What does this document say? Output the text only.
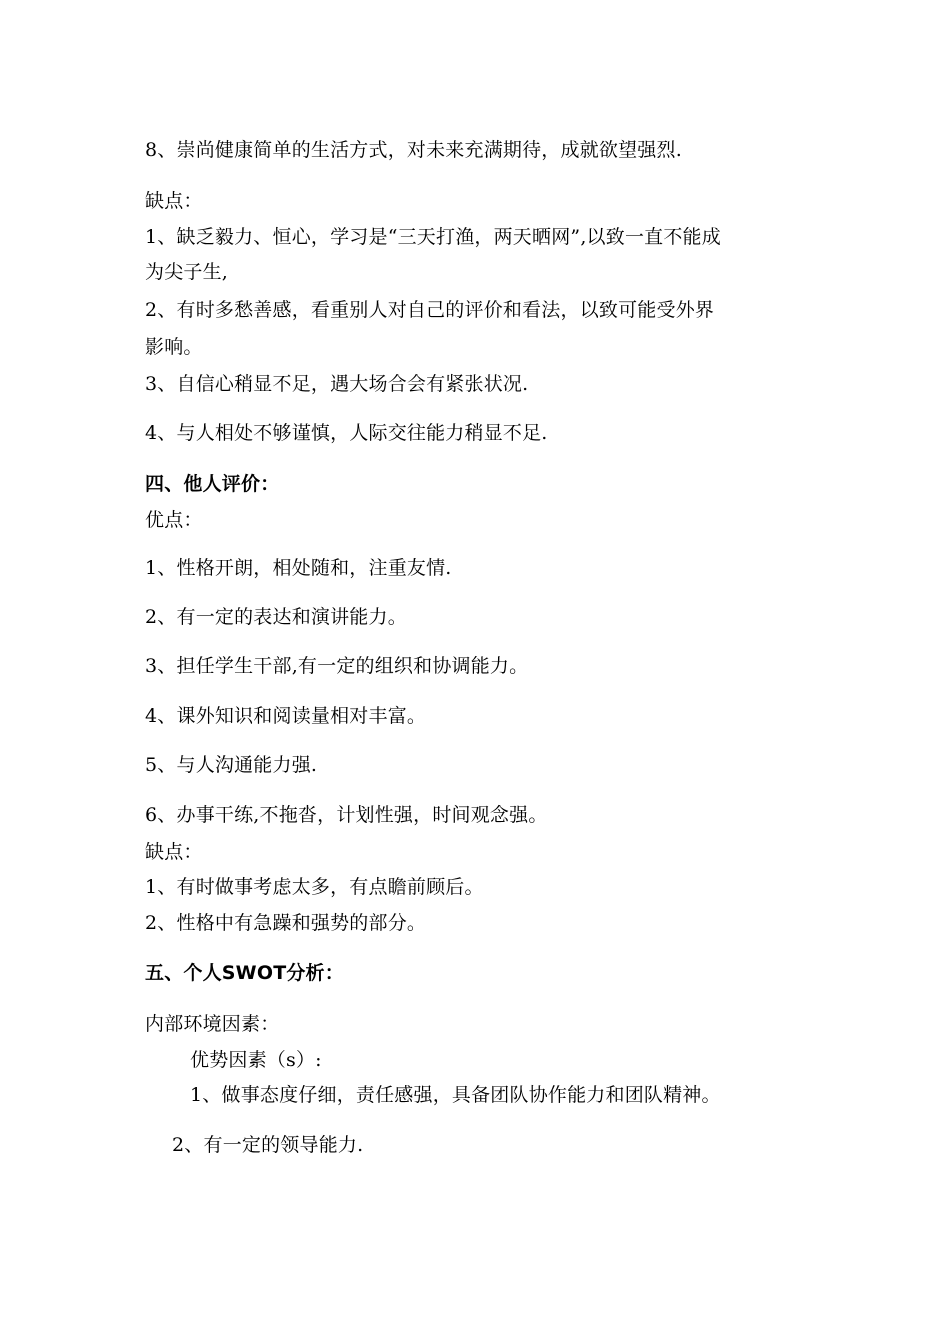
8、崇尚健康简单的生活方式，对未来充满期待，成就欲望强烈.
缺点：
1、缺乏毅力、恒心，学习是“三天打渔，两天晒网”,以致一直不能成
为尖子生,
2、有时多愁善感，看重别人对自己的评价和看法，以致可能受外界
影响。
3、自信心稍显不足，遇大场合会有紧张状况.
4、与人相处不够谨慎，人际交往能力稍显不足.
四、他人评价：
优点：
1、性格开朗，相处随和，注重友情.
2、有一定的表达和演讲能力。
3、担任学生干部,有一定的组织和协调能力。
4、课外知识和阅读量相对丰富。
5、与人沟通能力强.
6、办事干练,不拖沓，计划性强，时间观念强。
缺点：
1、有时做事考虑太多，有点瞻前顾后。
2、性格中有急躁和强势的部分。
五、个人SWOT分析：
内部环境因素：
优势因素（s）:
1、做事态度仔细，责任感强，具备团队协作能力和团队精神。
2、有一定的领导能力.
